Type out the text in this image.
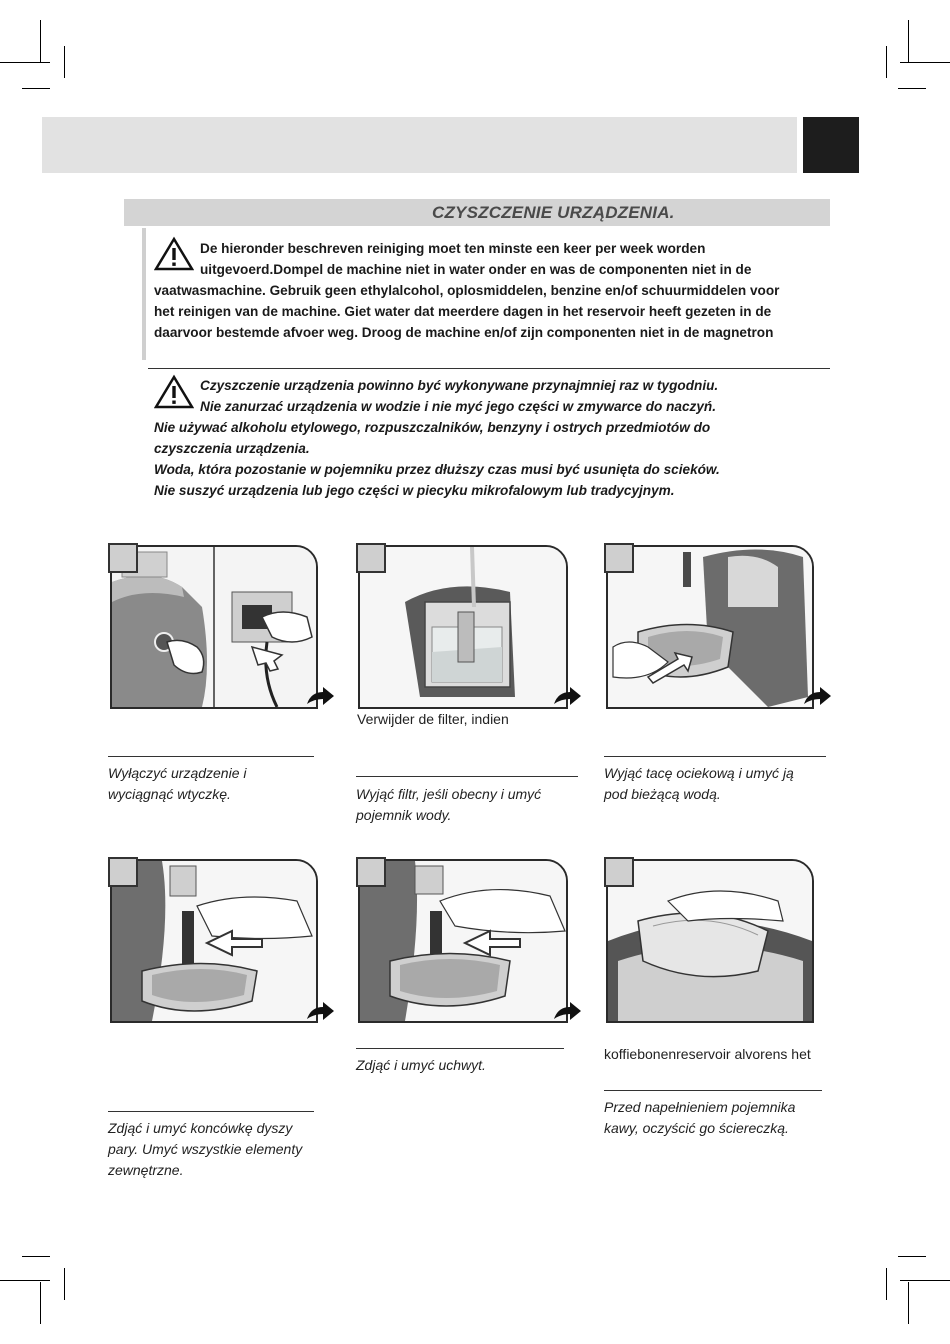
CZYSZCZENIE URZĄDZENIA.
De hieronder beschreven reiniging moet ten minste een keer per week worden
uitgevoerd.Dompel de machine niet in water onder en was de componenten niet in de
vaatwasmachine. Gebruik geen ethylalcohol, oplosmiddelen, benzine en/of schuurmiddelen voor
het reinigen van de machine. Giet water dat meerdere dagen in het reservoir heeft gezeten in de
daarvoor bestemde afvoer weg. Droog de machine en/of zijn componenten niet in de magnetron
Czyszczenie urządzenia powinno być wykonywane przynajmniej raz w tygodniu.
Nie zanurzać urządzenia w wodzie i nie myć jego części w zmywarce do naczyń.
Nie używać alkoholu etylowego, rozpuszczalników, benzyny i ostrych przedmiotów do
czyszczenia urządzenia.
Woda, która pozostanie w pojemniku przez dłuższy czas musi być usunięta do scieków.
Nie suszyć urządzenia lub jego części w piecyku mikrofalowym lub tradycyjnym.
Wyłączyć urządzenie i
wyciągnąć wtyczkę.
Verwijder de filter, indien
Wyjąć filtr, jeśli obecny i umyć
pojemnik wody.
Wyjąć tacę ociekową i umyć ją
pod bieżącą wodą.
Zdjąć i umyć koncówkę dyszy
pary. Umyć wszystkie elementy
zewnętrzne.
Zdjąć i umyć uchwyt.
koffiebonenreservoir alvorens het
Przed napełnieniem pojemnika
kawy, oczyścić go ściereczką.
